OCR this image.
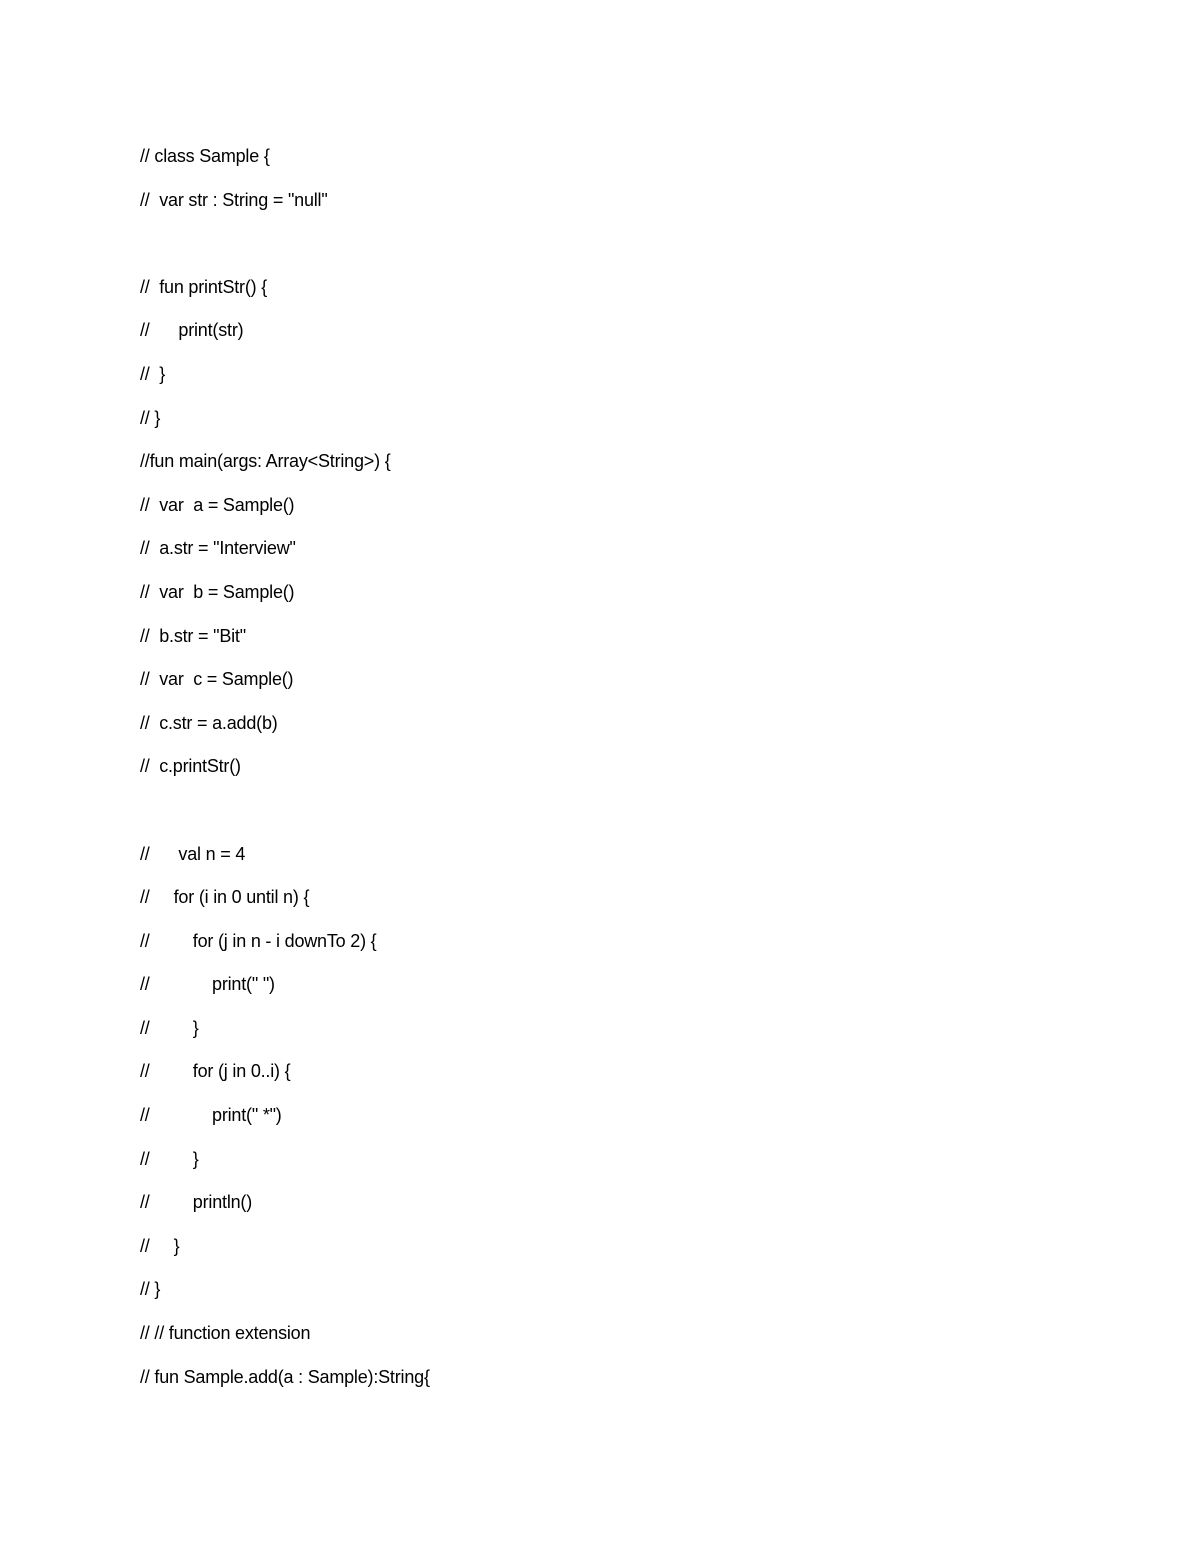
// class Sample {
//  var str : String = "null"
//  fun printStr() {
//      print(str)
//  }
// }
//fun main(args: Array<String>) {
//  var  a = Sample()
//  a.str = "Interview"
//  var  b = Sample()
//  b.str = "Bit"
//  var  c = Sample()
//  c.str = a.add(b)
//  c.printStr()
//      val n = 4
//     for (i in 0 until n) {
//         for (j in n - i downTo 2) {
//             print(" ")
//         }
//         for (j in 0..i) {
//             print(" *")
//         }
//         println()
//     }
// }
// // function extension
// fun Sample.add(a : Sample):String{
